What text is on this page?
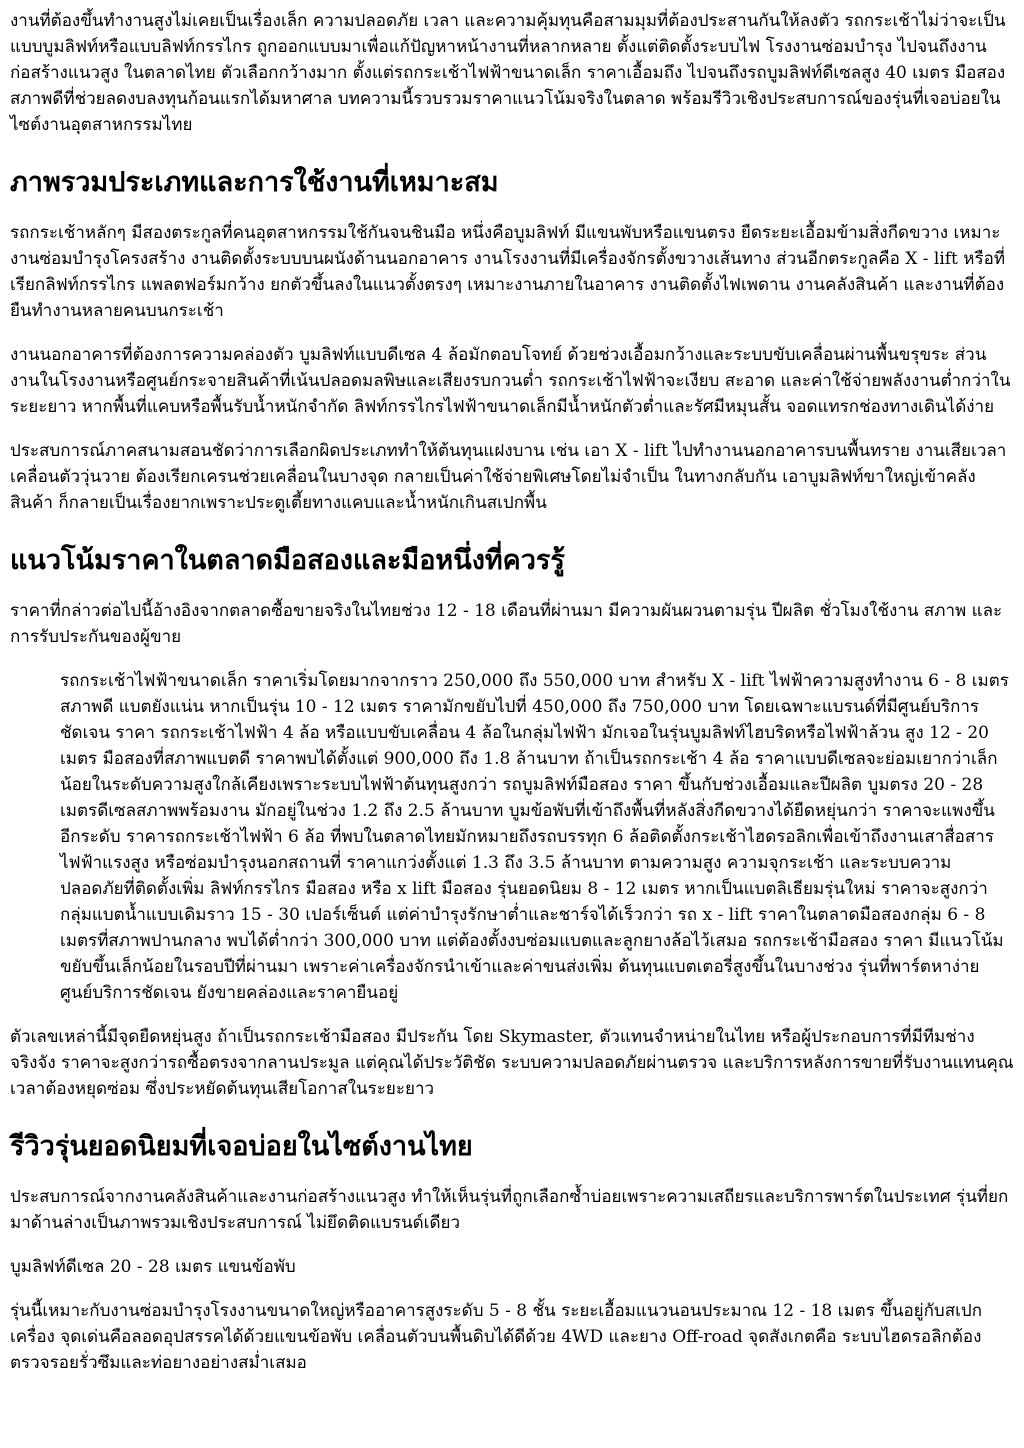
งานที่ต้องขึ้นทำงานสูงไม่เคยเป็นเรื่องเล็ก ความปลอดภัย เวลา และความคุ้มทุนคือสามมุมที่ต้องประสานกันให้ลงตัว รถกระเช้าไม่ว่าจะเป็นแบบบูมลิฟท์หรือแบบลิฟท์กรรไกร ถูกออกแบบมาเพื่อแก้ปัญหาหน้างานที่หลากหลาย ตั้งแต่ติดตั้งระบบไฟ โรงงานซ่อมบำรุง ไปจนถึงงานก่อสร้างแนวสูง ในตลาดไทย ตัวเลือกกว้างมาก ตั้งแต่รถกระเช้าไฟฟ้าขนาดเล็ก ราคาเอื้อมถึง ไปจนถึงรถบูมลิฟท์ดีเซลสูง 40 เมตร มือสองสภาพดีที่ช่วยลดงบลงทุนก้อนแรกได้มหาศาล บทความนี้รวบรวมราคาแนวโน้มจริงในตลาด พร้อมรีวิวเชิงประสบการณ์ของรุ่นที่เจอบ่อยในไซต์งานอุตสาหกรรมไทย

ภาพรวมประเภทและการใช้งานที่เหมาะสม

รถกระเช้าหลักๆ มีสองตระกูลที่คนอุตสาหกรรมใช้กันจนชินมือ หนึ่งคือบูมลิฟท์ มีแขนพับหรือแขนตรง ยืดระยะเอื้อมข้ามสิ่งกีดขวาง เหมาะงานซ่อมบำรุงโครงสร้าง งานติดตั้งระบบบนผนังด้านนอกอาคาร งานโรงงานที่มีเครื่องจักรตั้งขวางเส้นทาง ส่วนอีกตระกูลคือ X - lift หรือที่เรียกลิฟท์กรรไกร แพลตฟอร์มกว้าง ยกตัวขึ้นลงในแนวตั้งตรงๆ เหมาะงานภายในอาคาร งานติดตั้งไฟเพดาน งานคลังสินค้า และงานที่ต้องยืนทำงานหลายคนบนกระเช้า

งานนอกอาคารที่ต้องการความคล่องตัว บูมลิฟท์แบบดีเซล 4 ล้อมักตอบโจทย์ ด้วยช่วงเอื้อมกว้างและระบบขับเคลื่อนผ่านพื้นขรุขระ ส่วนงานในโรงงานหรือศูนย์กระจายสินค้าที่เน้นปลอดมลพิษและเสียงรบกวนต่ำ รถกระเช้าไฟฟ้าจะเงียบ สะอาด และค่าใช้จ่ายพลังงานต่ำกว่าในระยะยาว หากพื้นที่แคบหรือพื้นรับน้ำหนักจำกัด ลิฟท์กรรไกรไฟฟ้าขนาดเล็กมีน้ำหนักตัวต่ำและรัศมีหมุนสั้น จอดแทรกช่องทางเดินได้ง่าย

ประสบการณ์ภาคสนามสอนชัดว่าการเลือกผิดประเภททำให้ต้นทุนแฝงบาน เช่น เอา X - lift ไปทำงานนอกอาคารบนพื้นทราย งานเสียเวลา เคลื่อนตัววุ่นวาย ต้องเรียกเครนช่วยเคลื่อนในบางจุด กลายเป็นค่าใช้จ่ายพิเศษโดยไม่จำเป็น ในทางกลับกัน เอาบูมลิฟท์ขาใหญ่เข้าคลังสินค้า ก็กลายเป็นเรื่องยากเพราะประตูเตี้ยทางแคบและน้ำหนักเกินสเปกพื้น

แนวโน้มราคาในตลาดมือสองและมือหนึ่งที่ควรรู้

ราคาที่กล่าวต่อไปนี้อ้างอิงจากตลาดซื้อขายจริงในไทยช่วง 12 - 18 เดือนที่ผ่านมา มีความผันผวนตามรุ่น ปีผลิต ชั่วโมงใช้งาน สภาพ และการรับประกันของผู้ขาย

รถกระเช้าไฟฟ้าขนาดเล็ก ราคาเริ่มโดยมากจากราว 250,000 ถึง 550,000 บาท สำหรับ X - lift ไฟฟ้าความสูงทำงาน 6 - 8 เมตร สภาพดี แบตยังแน่น หากเป็นรุ่น 10 - 12 เมตร ราคามักขยับไปที่ 450,000 ถึง 750,000 บาท โดยเฉพาะแบรนด์ที่มีศูนย์บริการชัดเจน ราคา รถกระเช้าไฟฟ้า 4 ล้อ หรือแบบขับเคลื่อน 4 ล้อในกลุ่มไฟฟ้า มักเจอในรุ่นบูมลิฟท์ไฮบริดหรือไฟฟ้าล้วน สูง 12 - 20 เมตร มือสองที่สภาพแบตดี ราคาพบได้ตั้งแต่ 900,000 ถึง 1.8 ล้านบาท ถ้าเป็นรถกระเช้า 4 ล้อ ราคาแบบดีเซลจะย่อมเยากว่าเล็กน้อยในระดับความสูงใกล้เคียงเพราะระบบไฟฟ้าต้นทุนสูงกว่า รถบูมลิฟท์มือสอง ราคา ขึ้นกับช่วงเอื้อมและปีผลิต บูมตรง 20 - 28 เมตรดีเซลสภาพพร้อมงาน มักอยู่ในช่วง 1.2 ถึง 2.5 ล้านบาท บูมข้อพับที่เข้าถึงพื้นที่หลังสิ่งกีดขวางได้ยืดหยุ่นกว่า ราคาจะแพงขึ้นอีกระดับ ราคารถกระเช้าไฟฟ้า 6 ล้อ ที่พบในตลาดไทยมักหมายถึงรถบรรทุก 6 ล้อติดตั้งกระเช้าไฮดรอลิกเพื่อเข้าถึงงานเสาสื่อสาร ไฟฟ้าแรงสูง หรือซ่อมบำรุงนอกสถานที่ ราคาแกว่งตั้งแต่ 1.3 ถึง 3.5 ล้านบาท ตามความสูง ความจุกระเช้า และระบบความปลอดภัยที่ติดตั้งเพิ่ม ลิฟท์กรรไกร มือสอง หรือ x lift มือสอง รุ่นยอดนิยม 8 - 12 เมตร หากเป็นแบตลิเธียมรุ่นใหม่ ราคาจะสูงกว่ากลุ่มแบตน้ำแบบเดิมราว 15 - 30 เปอร์เซ็นต์ แต่ค่าบำรุงรักษาต่ำและชาร์จได้เร็วกว่า รถ x - lift ราคาในตลาดมือสองกลุ่ม 6 - 8 เมตรที่สภาพปานกลาง พบได้ต่ำกว่า 300,000 บาท แต่ต้องตั้งงบซ่อมแบตและลูกยางล้อไว้เสมอ รถกระเช้ามือสอง ราคา มีแนวโน้มขยับขึ้นเล็กน้อยในรอบปีที่ผ่านมา เพราะค่าเครื่องจักรนำเข้าและค่าขนส่งเพิ่ม ต้นทุนแบตเตอรี่สูงขึ้นในบางช่วง รุ่นที่พาร์ตหาง่าย ศูนย์บริการชัดเจน ยังขายคล่องและราคายืนอยู่

ตัวเลขเหล่านี้มีจุดยืดหยุ่นสูง ถ้าเป็นรถกระเช้ามือสอง มีประกัน โดย Skymaster, ตัวแทนจำหน่ายในไทย หรือผู้ประกอบการที่มีทีมช่างจริงจัง ราคาจะสูงกว่ารถซื้อตรงจากลานประมูล แต่คุณได้ประวัติชัด ระบบความปลอดภัยผ่านตรวจ และบริการหลังการขายที่รับงานแทนคุณเวลาต้องหยุดซ่อม ซึ่งประหยัดต้นทุนเสียโอกาสในระยะยาว

รีวิวรุ่นยอดนิยมที่เจอบ่อยในไซต์งานไทย

ประสบการณ์จากงานคลังสินค้าและงานก่อสร้างแนวสูง ทำให้เห็นรุ่นที่ถูกเลือกซ้ำบ่อยเพราะความเสถียรและบริการพาร์ตในประเทศ รุ่นที่ยกมาด้านล่างเป็นภาพรวมเชิงประสบการณ์ ไม่ยึดติดแบรนด์เดียว

บูมลิฟท์ดีเซล 20 - 28 เมตร แขนข้อพับ

รุ่นนี้เหมาะกับงานซ่อมบำรุงโรงงานขนาดใหญ่หรืออาคารสูงระดับ 5 - 8 ชั้น ระยะเอื้อมแนวนอนประมาณ 12 - 18 เมตร ขึ้นอยู่กับสเปกเครื่อง จุดเด่นคือลอดอุปสรรคได้ด้วยแขนข้อพับ เคลื่อนตัวบนพื้นดิบได้ดีด้วย 4WD และยาง Off-road จุดสังเกตคือ ระบบไฮดรอลิกต้องตรวจรอยรั่วซึมและท่อยางอย่างสม่ำเสมอ
